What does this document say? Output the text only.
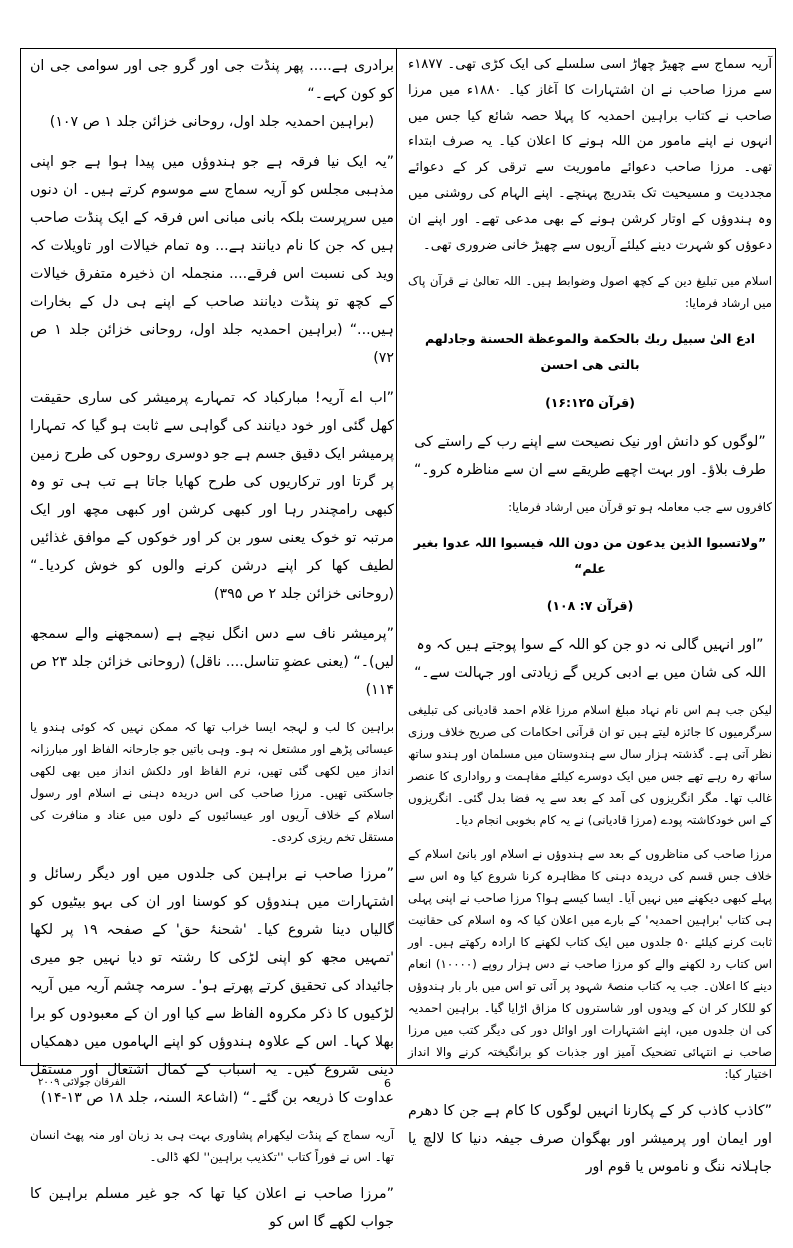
آریہ سماج سے چھیڑ چھاڑ اسی سلسلے کی ایک کڑی تھی۔ ۱۸۷۷ء سے مرزا صاحب نے ان اشتہارات کا آغاز کیا۔ ۱۸۸۰ء میں مرزا صاحب نے کتاب براہین احمدیہ کا پہلا حصہ شائع کیا جس میں انہوں نے اپنے مامور من اللہ ہونے کا اعلان کیا۔ یہ صرف ابتداء تھی۔ مرزا صاحب دعوائے ماموریت سے ترقی کر کے دعوائے مجددیت و مسیحیت تک بتدریج پہنچے۔ اپنے الہام کی روشنی میں وہ ہندوؤں کے اوتار کرشن ہونے کے بھی مدعی تھے۔ اور اپنے ان دعوؤں کو شہرت دینے کیلئے آریوں سے چھیڑ خانی ضروری تھی۔

اسلام میں تبلیغ دین کے کچھ اصول وضوابط ہیں۔ اللہ تعالیٰ نے قرآن پاک میں ارشاد فرمایا:

ادع الیٰ سبیل ربك بالحكمة والموعظة الحسنة وجادلهم بالتی هی احسن

(قرآن ۱۶:۱۲۵)

”لوگوں کو دانش اور نیک نصیحت سے اپنے رب کے راستے کی طرف بلاؤ۔ اور بہت اچھے طریقے سے ان سے مناظرہ کرو۔“

کافروں سے جب معاملہ ہو تو قرآن میں ارشاد فرمایا:

”ولاتسبوا الذین یدعون من دون اللہ فیسبوا اللہ عدوا بغیر علم“

(قرآن ۷: ۱۰۸)

”اور انہیں گالی نہ دو جن کو اللہ کے سوا پوجتے ہیں کہ وہ اللہ کی شان میں بے ادبی کریں گے زیادتی اور جہالت سے۔“

لیکن جب ہم اس نام نہاد مبلغ اسلام مرزا غلام احمد قادیانی کی تبلیغی سرگرمیوں کا جائزہ لیتے ہیں تو ان قرآنی احکامات کی صریح خلاف ورزی نظر آتی ہے۔ گذشتہ ہزار سال سے ہندوستان میں مسلمان اور ہندو ساتھ ساتھ رہ رہے تھے جس میں ایک دوسرے کیلئے مفاہمت و رواداری کا عنصر غالب تھا۔ مگر انگریزوں کی آمد کے بعد سے یہ فضا بدل گئی۔ انگریزوں کے اس خودکاشتہ پودے (مرزا قادیانی) نے یہ کام بخوبی انجام دیا۔

مرزا صاحب کی مناظروں کے بعد سے ہندوؤں نے اسلام اور بانیٔ اسلام کے خلاف جس قسم کی دریدہ دہنی کا مظاہرہ کرنا شروع کیا وہ اس سے پہلے کبھی دیکھنے میں نہیں آیا۔ ایسا کیسے ہوا؟ مرزا صاحب نے اپنی پہلی ہی کتاب 'براہین احمدیہ' کے بارے میں اعلان کیا کہ وہ اسلام کی حقانیت ثابت کرنے کیلئے ۵۰ جلدوں میں ایک کتاب لکھنے کا ارادہ رکھتے ہیں۔ اور اس کتاب رد لکھنے والے کو مرزا صاحب نے دس ہزار روپے (۱۰۰۰۰) انعام دینے کا اعلان۔ جب یہ کتاب منصۂ شہود پر آئی تو اس میں بار بار ہندوؤں کو للکار کر ان کے ویدوں اور شاستروں کا مزاق اڑایا گیا۔ براہین احمدیہ کی ان جلدوں میں، اپنے اشتہارات اور اوائل دور کی دیگر کتب میں مرزا صاحب نے انتہائی تضحیک آمیز اور جذبات کو برانگیختہ کرنے والا انداز اختیار کیا:

”کاذب کاذب کر کے پکارنا انہیں لوگوں کا کام ہے جن کا دھرم اور ایمان اور پرمیشر اور بھگوان صرف جیفہ دنیا کا لالچ یا جاہلانہ ننگ و ناموس یا قوم اور

برادری ہے..... پھر پنڈت جی اور گرو جی اور سوامی جی ان کو کون کہے۔“

(براہین احمدیہ جلد اول، روحانی خزائن جلد ۱ ص ۱۰۷)

”یہ ایک نیا فرقہ ہے جو ہندوؤں میں پیدا ہوا ہے جو اپنی مذہبی مجلس کو آریہ سماج سے موسوم کرتے ہیں۔ ان دنوں میں سرپرست بلکہ بانی مبانی اس فرقہ کے ایک پنڈت صاحب ہیں کہ جن کا نام دیانند ہے... وہ تمام خیالات اور تاویلات کہ وید کی نسبت اس فرقے.... منجملہ ان ذخیرہ متفرق خیالات کے کچھ تو پنڈت دیانند صاحب کے اپنے ہی دل کے بخارات ہیں...“ (براہین احمدیہ جلد اول، روحانی خزائن جلد ۱ ص ۷۲)

”اب اے آریہ! مبارکباد کہ تمہارے پرمیشر کی ساری حقیقت کھل گئی اور خود دیانند کی گواہی سے ثابت ہو گیا کہ تمہارا پرمیشر ایک دقیق جسم ہے جو دوسری روحوں کی طرح زمین پر گرتا اور ترکاریوں کی طرح کھایا جاتا ہے تب ہی تو وہ کبھی رامچندر رہا اور کبھی کرشن اور کبھی مچھ اور ایک مرتبہ تو خوک یعنی سور بن کر اور خوکوں کے موافق غذائیں لطیف کھا کر اپنے درشن کرنے والوں کو خوش کردیا۔“ (روحانی خزائن جلد ۲ ص ۳۹۵)

”پرمیشر ناف سے دس انگل نیچے ہے (سمجھنے والے سمجھ لیں)۔“ (یعنی عضوِ تناسل.... ناقل) (روحانی خزائن جلد ۲۳ ص ۱۱۴)

براہین کا لب و لہجہ ایسا خراب تھا کہ ممکن نہیں کہ کوئی ہندو یا عیسائی پڑھے اور مشتعل نہ ہو۔ وہی باتیں جو جارحانہ الفاظ اور مبارزانہ انداز میں لکھی گئی تھیں، نرم الفاظ اور دلکش انداز میں بھی لکھی جاسکتی تھیں۔ مرزا صاحب کی اس دریدہ دہنی نے اسلام اور رسول اسلام کے خلاف آریوں اور عیسائیوں کے دلوں میں عناد و منافرت کی مستقل تخم ریزی کردی۔

”مرزا صاحب نے براہین کی جلدوں میں اور دیگر رسائل و اشتہارات میں ہندوؤں کو کوسنا اور ان کی بہو بیٹیوں کو گالیاں دینا شروع کیا۔ 'شحنۂ حق' کے صفحہ ۱۹ پر لکھا 'تمہیں مجھ کو اپنی لڑکی کا رشتہ تو دیا نہیں جو میری جائیداد کی تحقیق کرتے پھرتے ہو'۔ سرمہ چشم آریہ میں آریہ لڑکیوں کا ذکر مکروہ الفاظ سے کیا اور ان کے معبودوں کو برا بھلا کہا۔ اس کے علاوہ ہندوؤں کو اپنے الہاموں میں دھمکیاں دینی شروع کیں۔ یہ اسباب کے کمال اشتعال اور مستقل عداوت کا ذریعہ بن گئے۔“ (اشاعۃ السنہ، جلد ۱۸ ص ۱۳-۱۴)

آریہ سماج کے پنڈت لیکھرام پشاوری بہت ہی بد زبان اور منہ پھٹ انسان تھا۔ اس نے فوراً کتاب ''تکذیب براہین'' لکھ ڈالی۔

”مرزا صاحب نے اعلان کیا تھا کہ جو غیر مسلم براہین کا جواب لکھے گا اس کو

الفرقان جولائی ۲۰۰۹	6
